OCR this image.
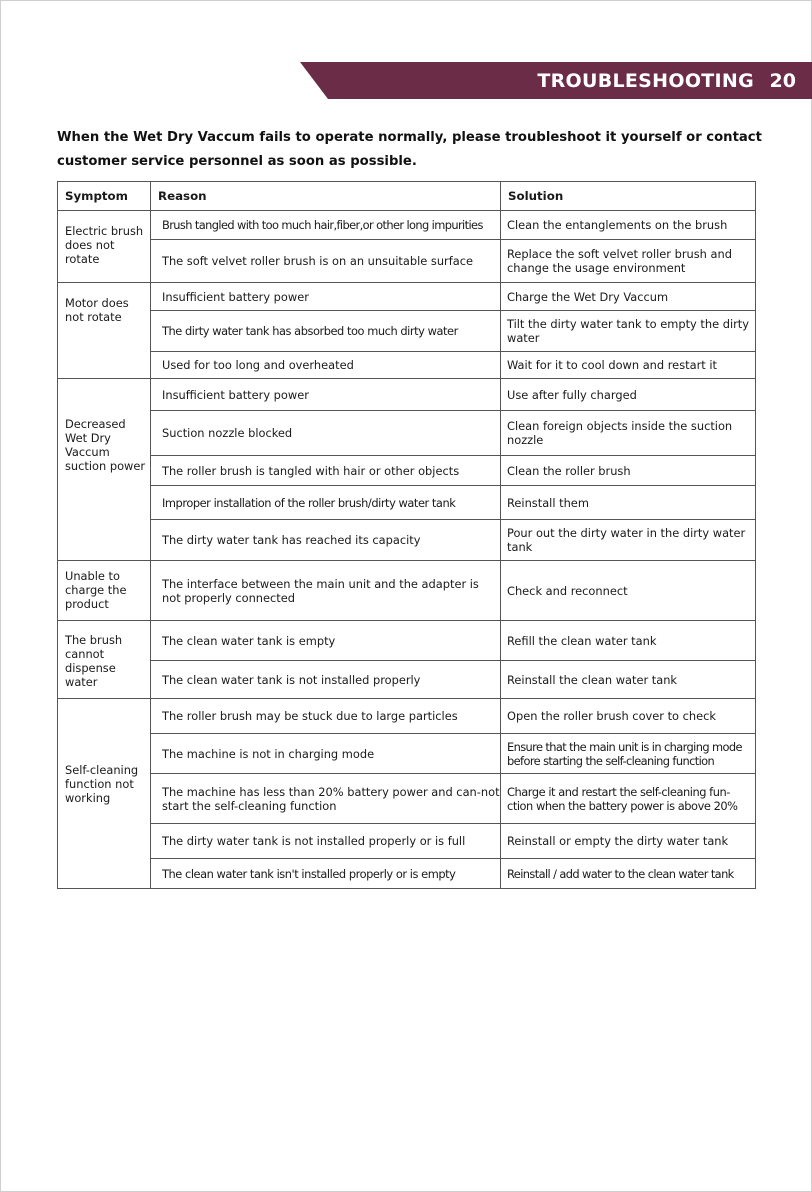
TROUBLESHOOTING 20
When the Wet Dry Vaccum fails to operate normally, please troubleshoot it yourself or contact customer service personnel as soon as possible.
Symptom	Reason	Solution
Electric brush does not rotate	Brush tangled with too much hair,fiber,or other long impurities	Clean the entanglements on the brush
	The soft velvet roller brush is on an unsuitable surface	Replace the soft velvet roller brush and change the usage environment
Motor does not rotate	Insufficient battery power	Charge the Wet Dry Vaccum
	The dirty water tank has absorbed too much dirty water	Tilt the dirty water tank to empty the dirty water
	Used for too long and overheated	Wait for it to cool down and restart it
Decreased Wet Dry Vaccum suction power	Insufficient battery power	Use after fully charged
	Suction nozzle blocked	Clean foreign objects inside the suction nozzle
	The roller brush is tangled with hair or other objects	Clean the roller brush
	Improper installation of the roller brush/dirty water tank	Reinstall them
	The dirty water tank has reached its capacity	Pour out the dirty water in the dirty water tank
Unable to charge the product	The interface between the main unit and the adapter is not properly connected	Check and reconnect
The brush cannot dispense water	The clean water tank is empty	Refill the clean water tank
	The clean water tank is not installed properly	Reinstall the clean water tank
Self-cleaning function not working	The roller brush may be stuck due to large particles	Open the roller brush cover to check
	The machine is not in charging mode	Ensure that the main unit is in charging mode before starting the self-cleaning function
	The machine has less than 20% battery power and can-not start the self-cleaning function	Charge it and restart the self-cleaning fun-ction when the battery power is above 20%
	The dirty water tank is not installed properly or is full	Reinstall or empty the dirty water tank
	The clean water tank isn't installed properly or is empty	Reinstall / add water to the clean water tank
